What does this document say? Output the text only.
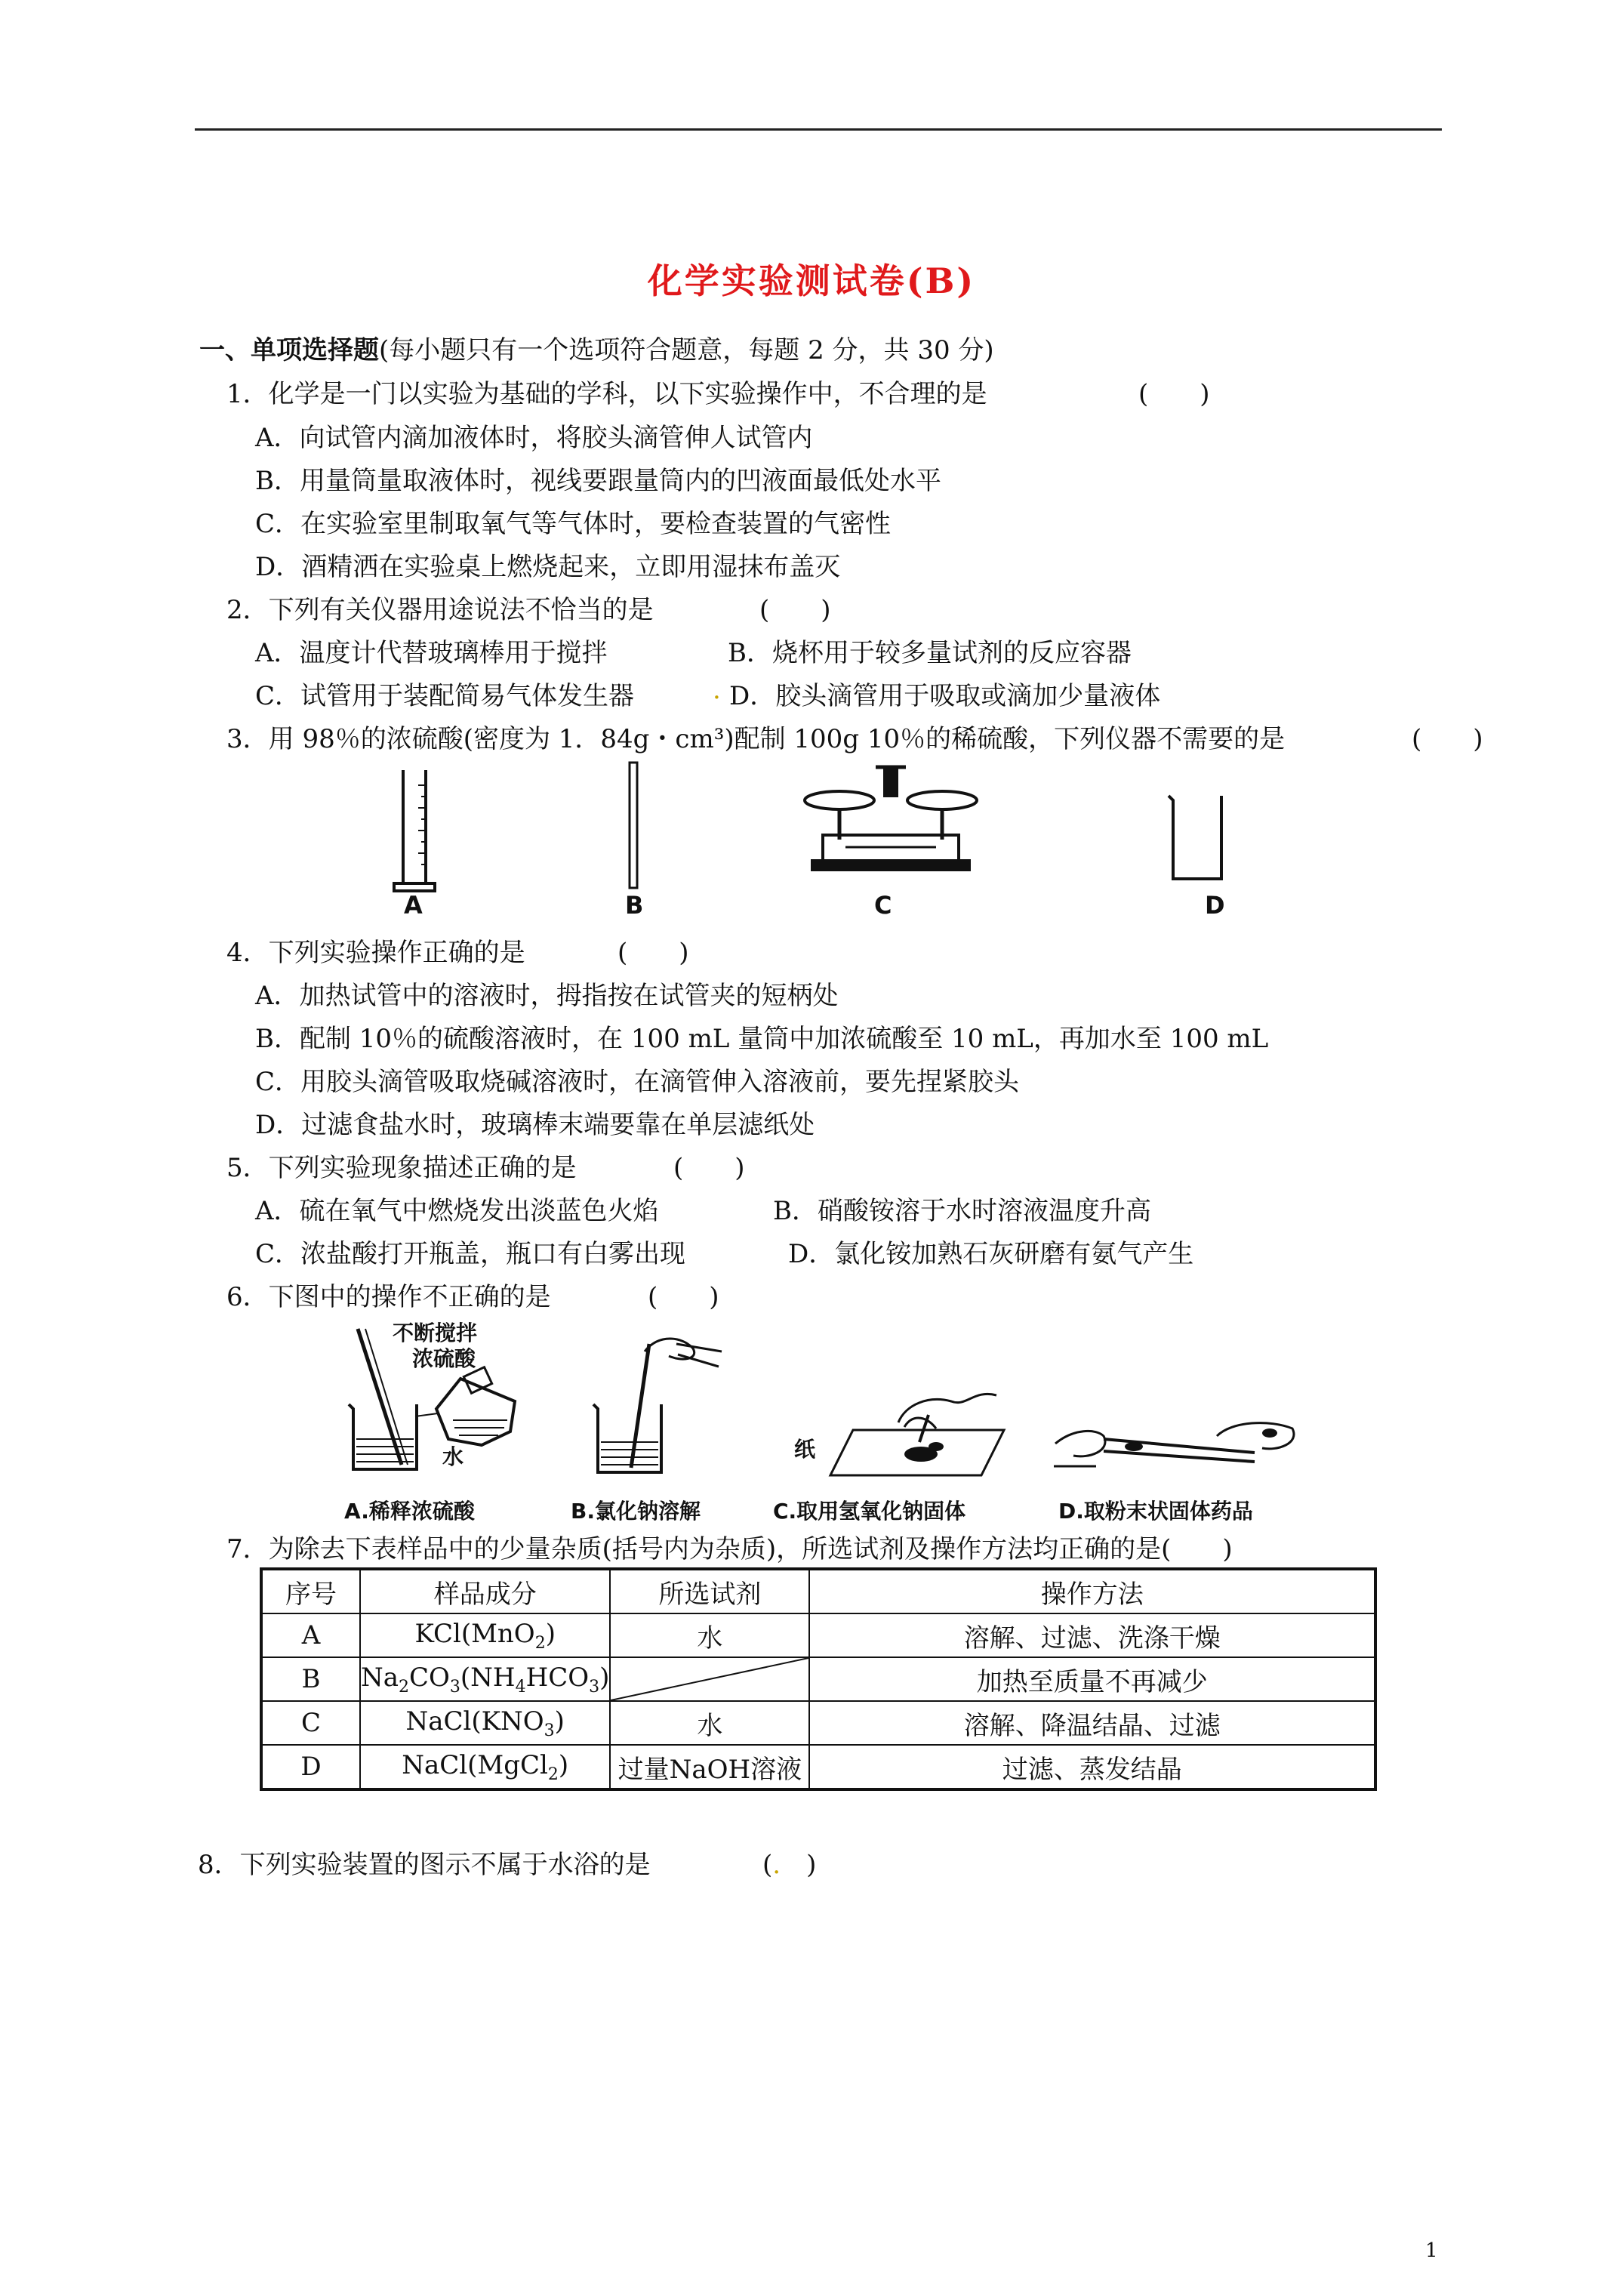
化学实验测试卷(B)
一、单项选择题(每小题只有一个选项符合题意，每题 2 分，共 30 分)
1．化学是一门以实验为基础的学科，以下实验操作中，不合理的是	(　　)
A．向试管内滴加液体时，将胶头滴管伸人试管内
B．用量筒量取液体时，视线要跟量筒内的凹液面最低处水平
C．在实验室里制取氧气等气体时，要检查装置的气密性
D．酒精洒在实验桌上燃烧起来，立即用湿抹布盖灭
2．下列有关仪器用途说法不恰当的是	(　　)
A．温度计代替玻璃棒用于搅拌	B．烧杯用于较多量试剂的反应容器
C．试管用于装配简易气体发生器	. D．胶头滴管用于吸取或滴加少量液体
3．用 98％的浓硫酸(密度为 1．84g・cm³)配制 100g 10％的稀硫酸，下列仪器不需要的是	(　　)
A	B	C	D
4．下列实验操作正确的是	(　　)
A．加热试管中的溶液时，拇指按在试管夹的短柄处
B．配制 10％的硫酸溶液时，在 100 mL 量筒中加浓硫酸至 10 mL，再加水至 100 mL
C．用胶头滴管吸取烧碱溶液时，在滴管伸入溶液前，要先捏紧胶头
D．过滤食盐水时，玻璃棒末端要靠在单层滤纸处
5．下列实验现象描述正确的是	(　　)
A．硫在氧气中燃烧发出淡蓝色火焰	B．硝酸铵溶于水时溶液温度升高
C．浓盐酸打开瓶盖，瓶口有白雾出现	D．氯化铵加熟石灰研磨有氨气产生
6．下图中的操作不正确的是	(　　)
不断搅拌
浓硫酸
水	纸
A.稀释浓硫酸	B.氯化钠溶解	C.取用氢氧化钠固体	D.取粉末状固体药品
7．为除去下表样品中的少量杂质(括号内为杂质)，所选试剂及操作方法均正确的是(　　)
序号	样品成分	所选试剂	操作方法
A	KCl(MnO$_2$)	水	溶解、过滤、洗涤干燥
B	$Na_2CO_3(NH_4HCO_3)$		加热至质量不再减少
C	$NaCl(KNO_3)$	水	溶解、降温结晶、过滤
D	NaCl(MgCl$_2$)	过量NaOH溶液	过滤、蒸发结晶
8．下列实验装置的图示不属于水浴的是	(.　)
1
